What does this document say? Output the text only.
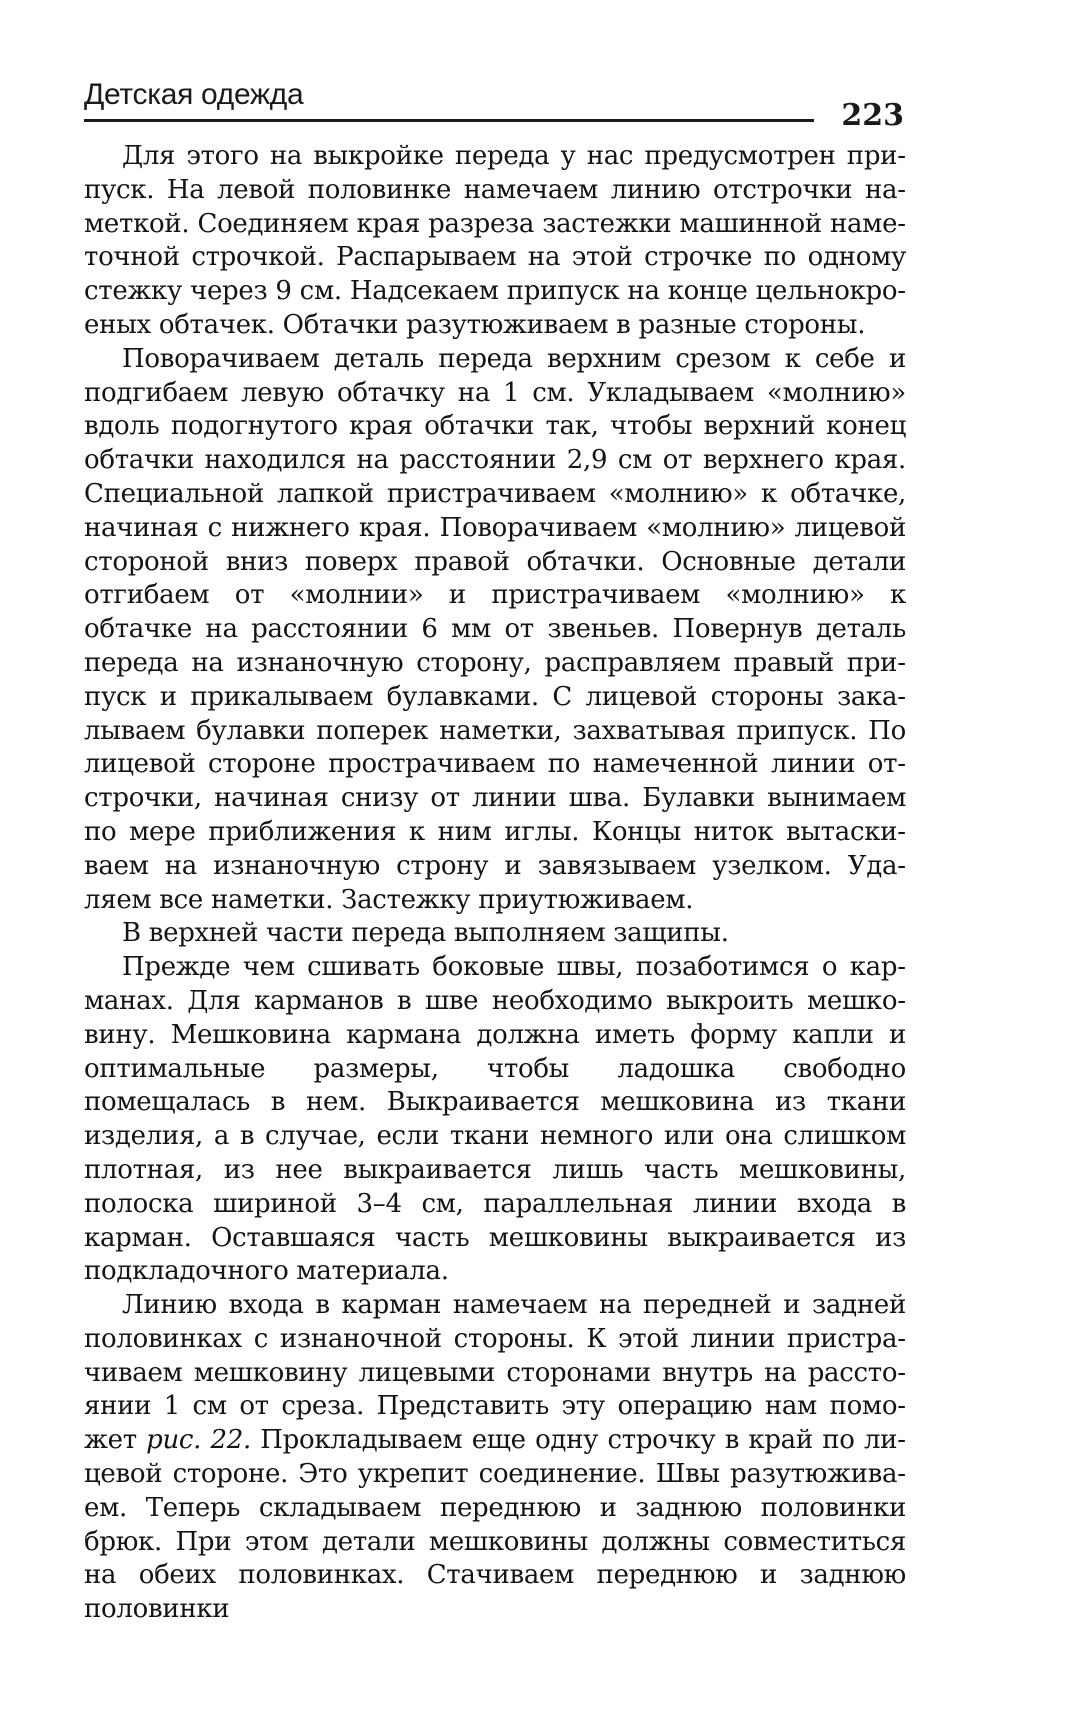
Детская одежда
223

Для этого на выкройке переда у нас предусмотрен припуск. На левой половинке намечаем линию отстрочки наметкой. Соединяем края разреза застежки машинной наметочной строчкой. Распарываем на этой строчке по одному стежку через 9 см. Надсекаем припуск на конце цельнокроеных обтачек. Обтачки разутюживаем в разные стороны.

Поворачиваем деталь переда верхним срезом к себе и подгибаем левую обтачку на 1 см. Укладываем «молнию» вдоль подогнутого края обтачки так, чтобы верхний конец обтачки находился на расстоянии 2,9 см от верхнего края. Специальной лапкой пристрачиваем «молнию» к обтачке, начиная с нижнего края. Поворачиваем «молнию» лицевой стороной вниз поверх правой обтачки. Основные детали отгибаем от «молнии» и пристрачиваем «молнию» к обтачке на расстоянии 6 мм от звеньев. Повернув деталь переда на изнаночную сторону, расправляем правый припуск и прикалываем булавками. С лицевой стороны закалываем булавки поперек наметки, захватывая припуск. По лицевой стороне прострачиваем по намеченной линии отстрочки, начиная снизу от линии шва. Булавки вынимаем по мере приближения к ним иглы. Концы ниток вытаскиваем на изнаночную строну и завязываем узелком. Удаляем все наметки. Застежку приутюживаем.

В верхней части переда выполняем защипы.

Прежде чем сшивать боковые швы, позаботимся о карманах. Для карманов в шве необходимо выкроить мешковину. Мешковина кармана должна иметь форму капли и оптимальные размеры, чтобы ладошка свободно помещалась в нем. Выкраивается мешковина из ткани изделия, а в случае, если ткани немного или она слишком плотная, из нее выкраивается лишь часть мешковины, полоска шириной 3–4 см, параллельная линии входа в карман. Оставшаяся часть мешковины выкраивается из подкладочного материала.

Линию входа в карман намечаем на передней и задней половинках с изнаночной стороны. К этой линии пристрачиваем мешковину лицевыми сторонами внутрь на расстоянии 1 см от среза. Представить эту операцию нам поможет рис. 22. Прокладываем еще одну строчку в край по лицевой стороне. Это укрепит соединение. Швы разутюживаем. Теперь складываем переднюю и заднюю половинки брюк. При этом детали мешковины должны совместиться на обеих половинках. Стачиваем переднюю и заднюю половинки
